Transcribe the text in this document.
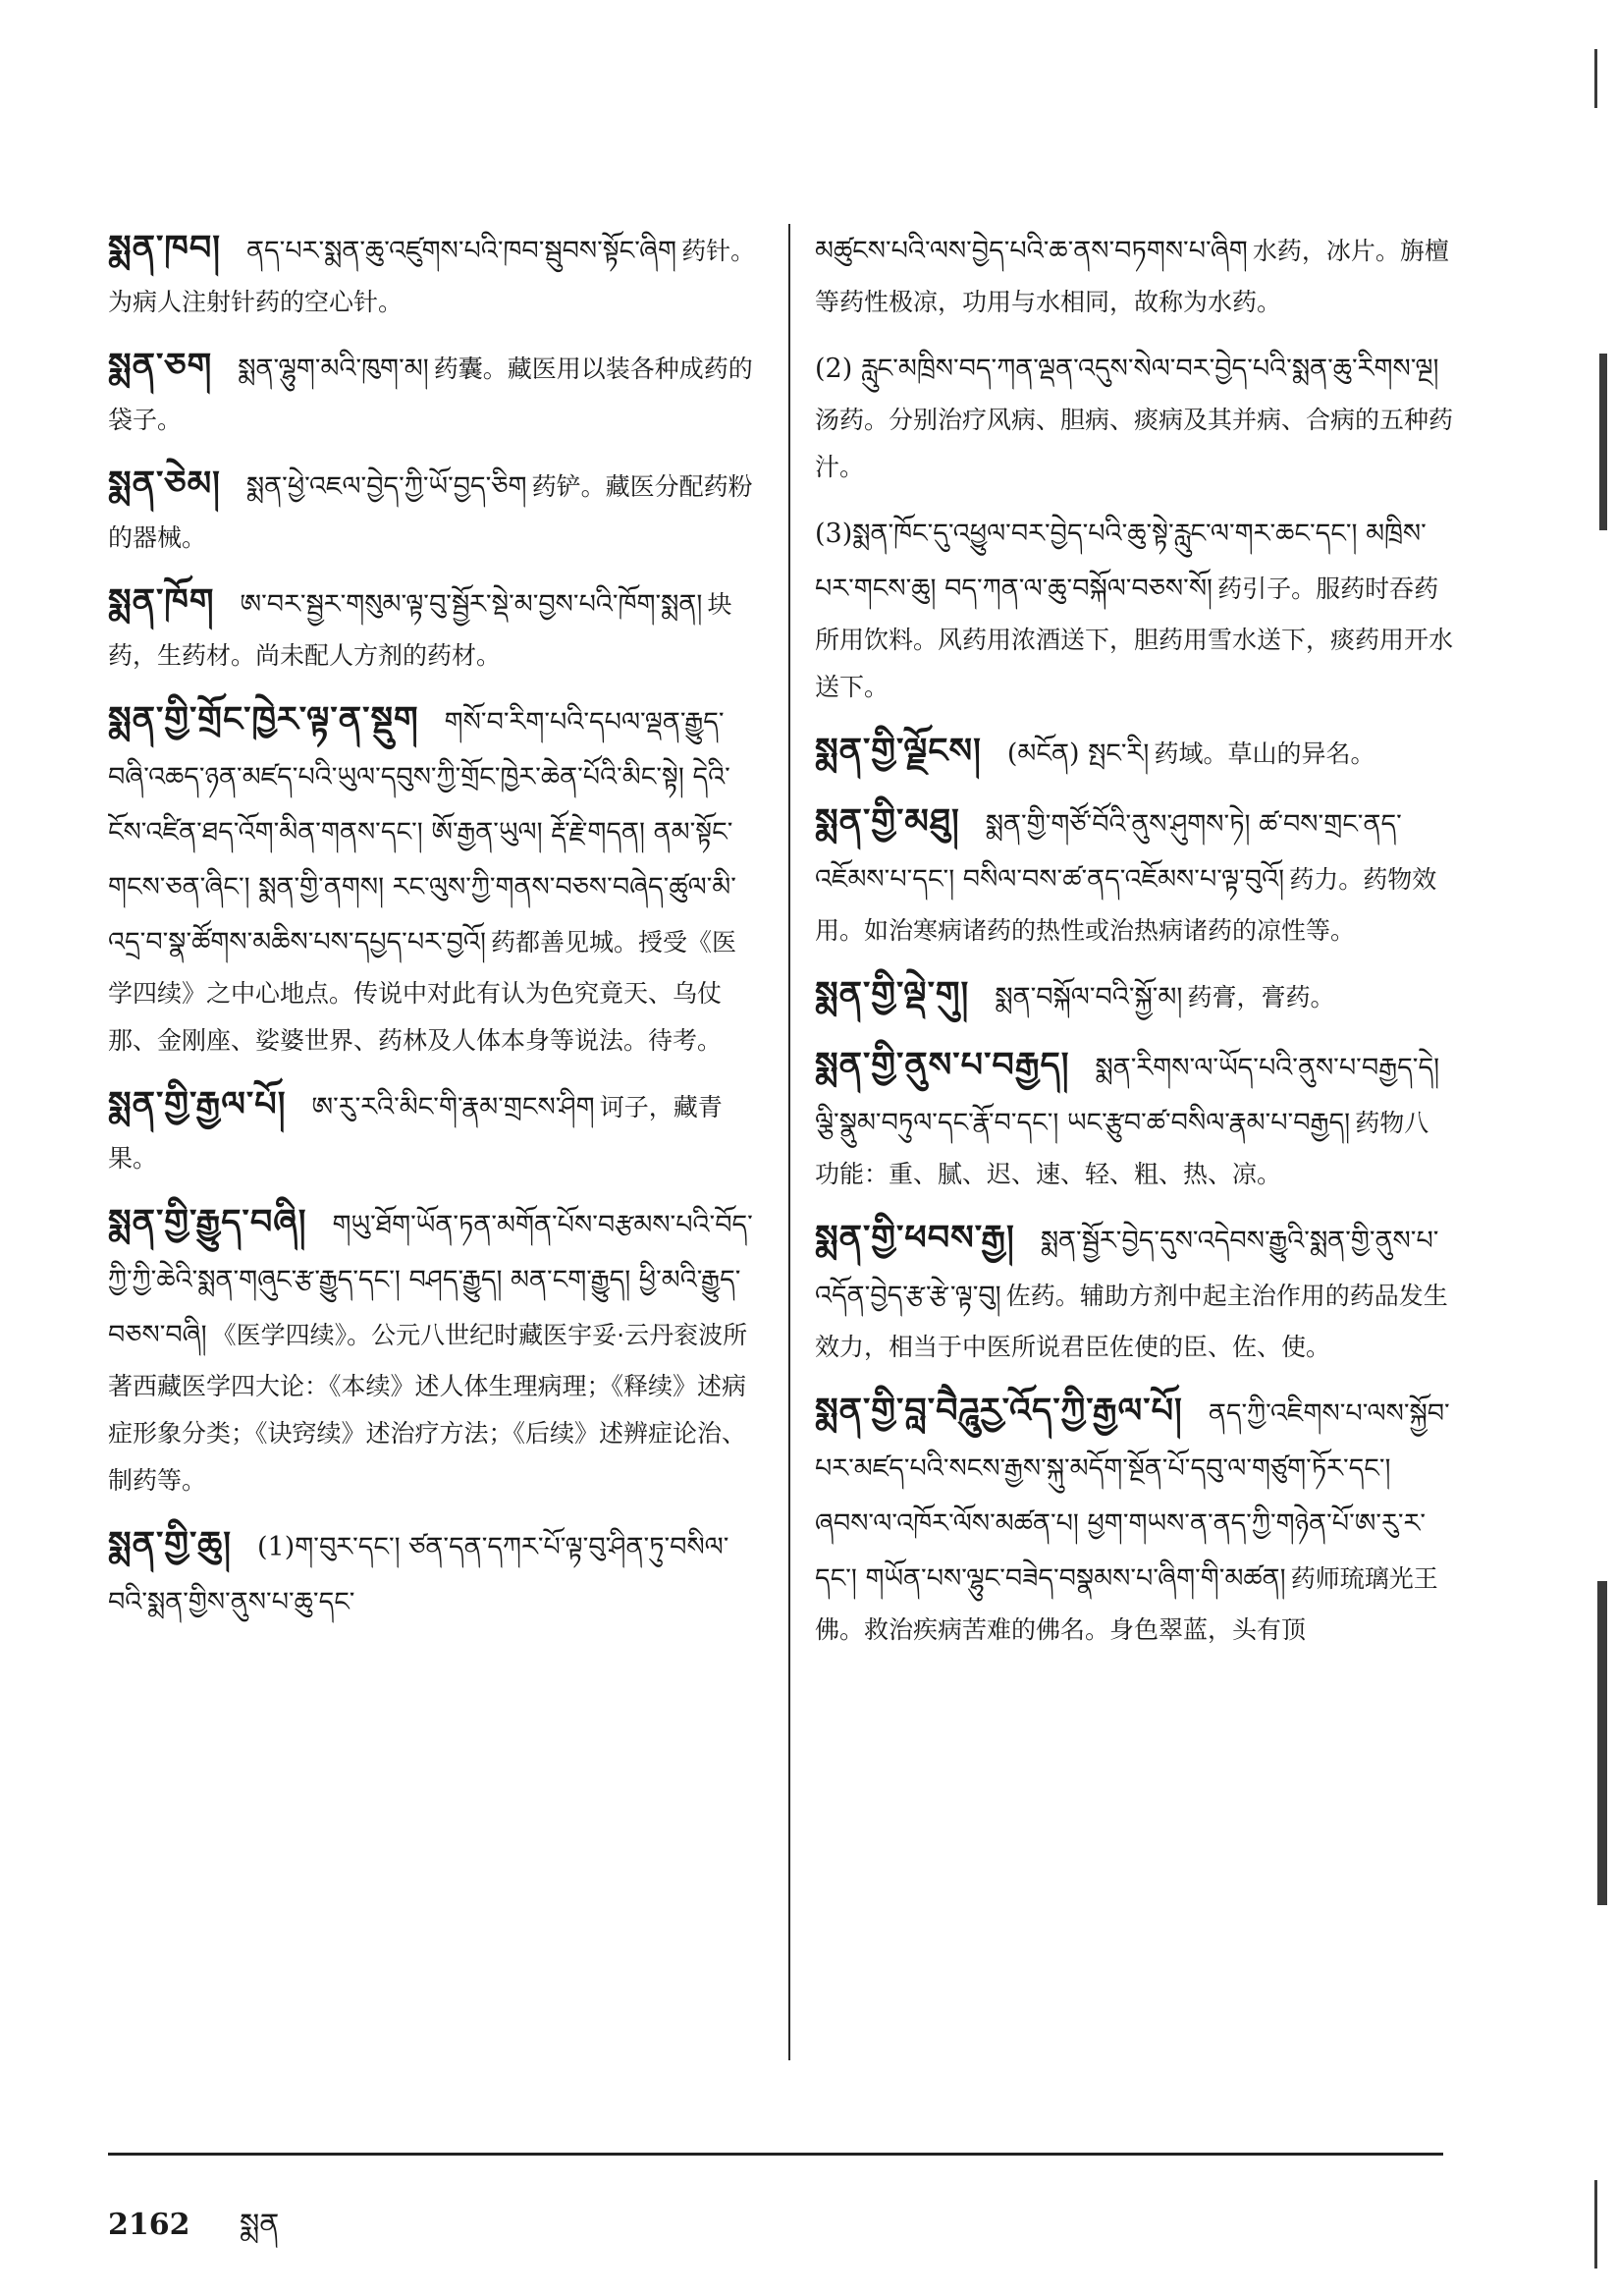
སྨན་ཁབ། ནད་པར་སྨན་ཆུ་འཛུགས་པའི་ཁབ་སྦུབས་སྟོང་ཞིག 药针。为病人注射针药的空心针。
སྨན་ཅག སྨན་ལྷུག་མའི་ཁུག་མ། 药囊。藏医用以装各种成药的袋子。
སྨན་ཅེམ། སྨན་ཕྱེ་འཇལ་བྱེད་ཀྱི་ཡོ་བྱད་ཅིག 药铲。藏医分配药粉的器械。
སྨན་ཁོག ཨ་བར་སྦྱར་གསུམ་ལྟ་བུ་སྦྱོར་སྡེ་མ་བྱས་པའི་ཁོག་སྨན། 块药，生药材。尚未配人方剂的药材。
སྨན་གྱི་གྲོང་ཁྱེར་ལྟ་ན་སྡུག གསོ་བ་རིག་པའི་དཔལ་ལྡན་རྒྱུད་བཞི་འཆད་ཉན་མཛད་པའི་ཡུལ་དབུས་ཀྱི་གྲོང་ཁྱེར་ཆེན་པོའི་མིང་སྟེ། དེའི་ངོས་འཛིན་ཐད་འོག་མིན་གནས་དང་། ཨོ་རྒྱན་ཡུལ། རྡོ་རྗེ་གདན། ནམ་སྟོང་གངས་ཅན་ཞིང་། སྨན་གྱི་ནགས། རང་ལུས་ཀྱི་གནས་བཅས་བཞེད་ཚུལ་མི་འདྲ་བ་སྣ་ཚོགས་མཆིས་པས་དཔྱད་པར་བྱའོ། 药都善见城。授受《医学四续》之中心地点。传说中对此有认为色究竟天、乌仗那、金刚座、娑婆世界、药林及人体本身等说法。待考。
སྨན་གྱི་རྒྱལ་པོ། ཨ་རུ་རའི་མིང་གི་རྣམ་གྲངས་ཤིག 诃子，藏青果。
སྨན་གྱི་རྒྱུད་བཞི། གཡུ་ཐོག་ཡོན་ཏན་མགོན་པོས་བརྩམས་པའི་བོད་ཀྱི་ཀྱི་ཆེའི་སྨན་གཞུང་རྩ་རྒྱུད་དང་། བཤད་རྒྱུད། མན་ངག་རྒྱུད། ཕྱི་མའི་རྒྱུད་བཅས་བཞི། 《医学四续》。公元八世纪时藏医宇妥·云丹衮波所著西藏医学四大论：《本续》述人体生理病理；《释续》述病症形象分类；《诀窍续》述治疗方法；《后续》述辨症论治、制药等。
སྨན་གྱི་ཆུ། (1)ག་བུར་དང་། ཙན་དན་དཀར་པོ་ལྟ་བུ་ཤིན་ཏུ་བསིལ་བའི་སྨན་གྱིས་ནུས་པ་ཆུ་དང་
མཚུངས་པའི་ལས་བྱེད་པའི་ཆ་ནས་བཏགས་པ་ཞིག 水药，冰片。旃檀等药性极凉，功用与水相同，故称为水药。
(2) རླུང་མཁྲིས་བད་ཀན་ལྡན་འདུས་སེལ་བར་བྱེད་པའི་སྨན་ཆུ་རིགས་ལྔ། 汤药。分别治疗风病、胆病、痰病及其并病、合病的五种药汁。
(3)སྨན་ཁོང་དུ་འཕྱུལ་བར་བྱེད་པའི་ཆུ་སྟེ་རླུང་ལ་གར་ཆང་དང་། མཁྲིས་པར་གངས་ཆུ། བད་ཀན་ལ་ཆུ་བསྐོལ་བཅས་སོ། 药引子。服药时吞药所用饮料。风药用浓酒送下，胆药用雪水送下，痰药用开水送下。
སྨན་གྱི་ལྗོངས། (མངོན) སྤང་རི། 药域。草山的异名。
སྨན་གྱི་མཐུ། སྨན་གྱི་གཙོ་བོའི་ནུས་ཤུགས་ཏེ། ཚ་བས་གྲང་ནད་འཇོམས་པ་དང་། བསིལ་བས་ཚ་ནད་འཇོམས་པ་ལྟ་བུའོ། 药力。药物效用。如治寒病诸药的热性或治热病诸药的凉性等。
སྨན་གྱི་ལྡེ་གུ། སྨན་བསྐོལ་བའི་སྐྱོ་མ། 药膏，膏药。
སྨན་གྱི་ནུས་པ་བརྒྱད། སྨན་རིགས་ལ་ཡོད་པའི་ནུས་པ་བརྒྱད་དེ། ལྕི་སྣུམ་བཏུལ་དང་རྣོ་བ་དང་། ཡང་རྩུབ་ཚ་བསིལ་རྣམ་པ་བརྒྱད། 药物八功能：重、腻、迟、速、轻、粗、热、凉。
སྨན་གྱི་ཕབས་རྒྱ། སྨན་སྦྱོར་བྱེད་དུས་འདེབས་རྒྱུའི་སྨན་གྱི་ནུས་པ་འདོན་བྱེད་རྩ་རྩེ་ལྟ་བུ། 佐药。辅助方剂中起主治作用的药品发生效力，相当于中医所说君臣佐使的臣、佐、使。
སྨན་གྱི་བླ་བཻཌཱུརྱ་འོད་ཀྱི་རྒྱལ་པོ། ནད་ཀྱི་འཇིགས་པ་ལས་སྐྱོབ་པར་མཛད་པའི་སངས་རྒྱས་སྐུ་མདོག་སྔོན་པོ་དབུ་ལ་གཙུག་ཏོར་དང་། ཞབས་ལ་འཁོར་ལོས་མཚན་པ། ཕྱག་གཡས་ན་ནད་ཀྱི་གཉེན་པོ་ཨ་རུ་ར་དང་། གཡོན་པས་ལྷུང་བཟེད་བསྣམས་པ་ཞིག་གི་མཚན། 药师琉璃光王佛。救治疾病苦难的佛名。身色翠蓝，头有顶
2162 སྨན
